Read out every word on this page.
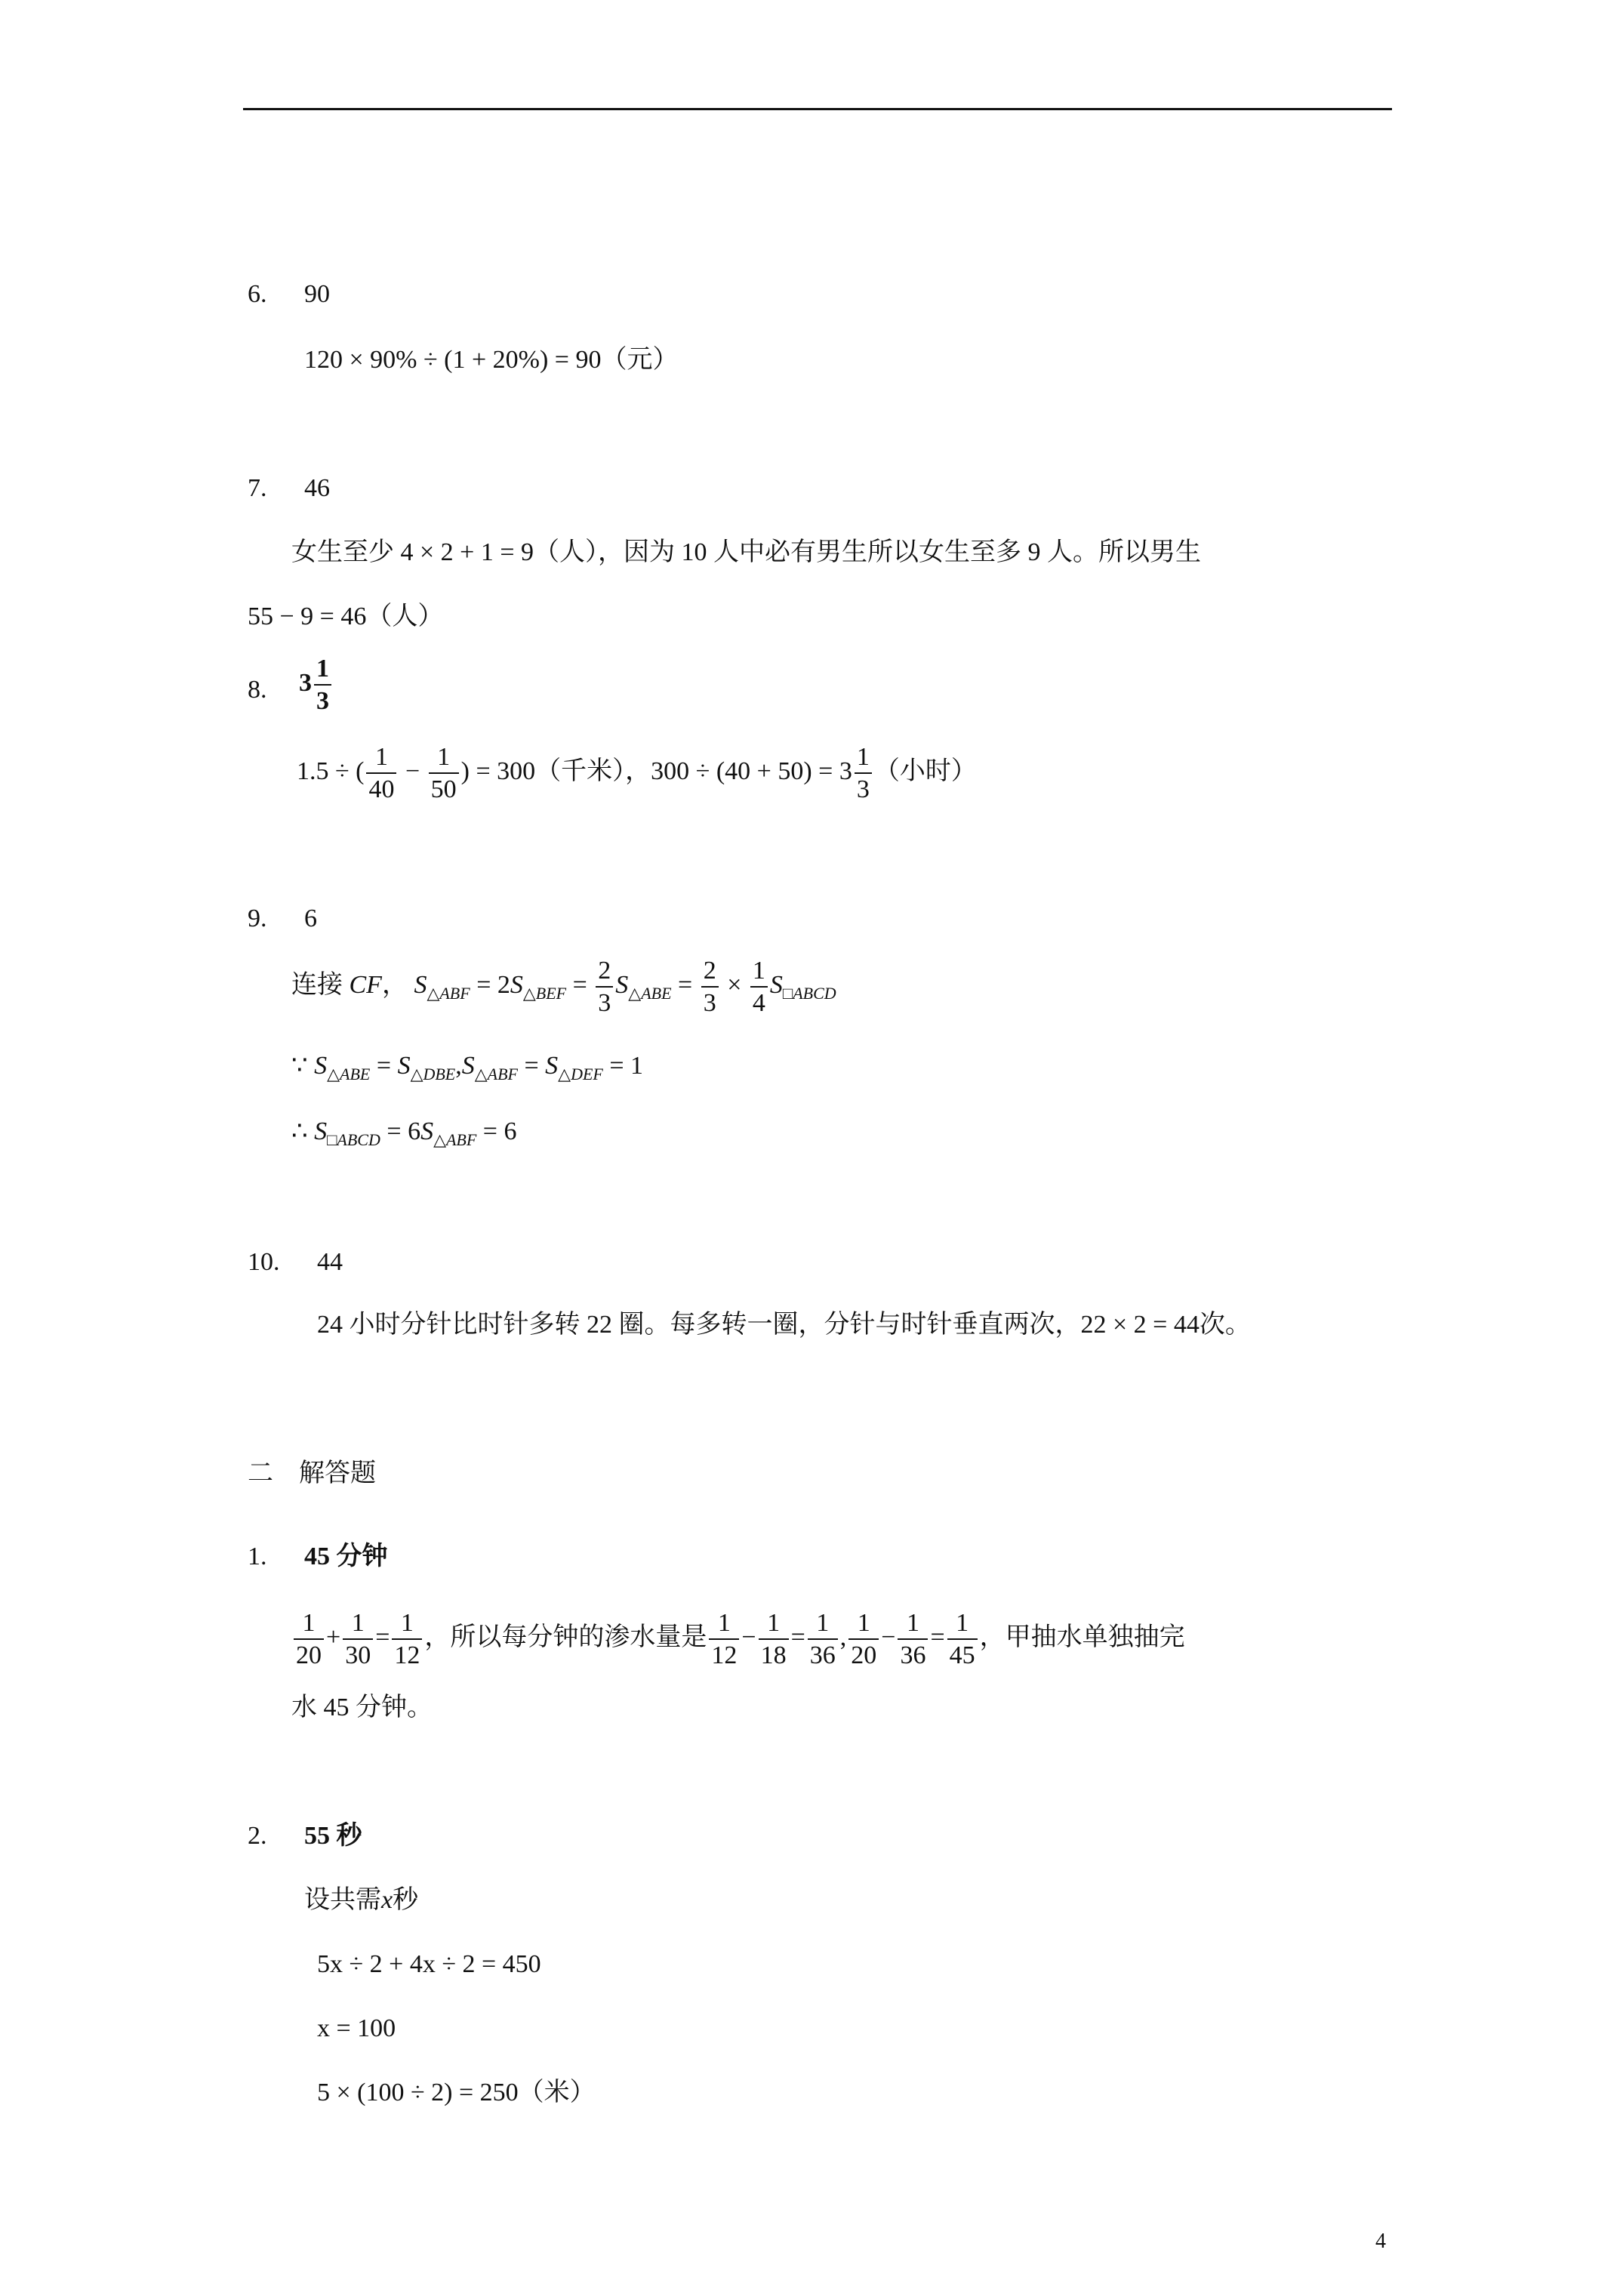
6. 90
120 × 90% ÷ (1 + 20%) = 90（元）
7. 46
女生至少 4 × 2 + 1 = 9（人），因为 10 人中必有男生所以女生至多 9 人。所以男生
55 − 9 = 46（人）
8. $3 \frac{1}{3}$
1.5 ÷ ( $\frac{1}{40} - \frac{1}{50}$ ) = 300（千米），$300 \div (40 + 50) = 3 \frac{1}{3}$ （小时）
9. 6
连接 CF， $S_{\triangle ABF} = 2S_{\triangle BEF} = \frac{2}{3} S_{\triangle ABE} = \frac{2}{3} \times \frac{1}{4} S_{□ABCD}$
∵ $S_{\triangle ABE} = S_{\triangle DBE},S_{\triangle ABF} = S_{\triangle DEF} = 1$
∴ $S_{□ABCD} = 6S_{\triangle ABF} = 6$
10. 44
24 小时分针比时针多转 22 圈。每多转一圈，分针与时针垂直两次，22 × 2 = 44次。
二　解答题
1. 45 分钟
$\frac{1}{20} + \frac{1}{30} = \frac{1}{12}$ ，所以每分钟的渗水量是 $\frac{1}{12} - \frac{1}{18} = \frac{1}{36}$ , $\frac{1}{20} - \frac{1}{36} = \frac{1}{45}$ ，甲抽水单独抽完
水 45 分钟。
2. 55 秒
设共需x秒
5x ÷ 2 + 4x ÷ 2 = 450
x = 100
5 × (100 ÷ 2) = 250（米）
4
